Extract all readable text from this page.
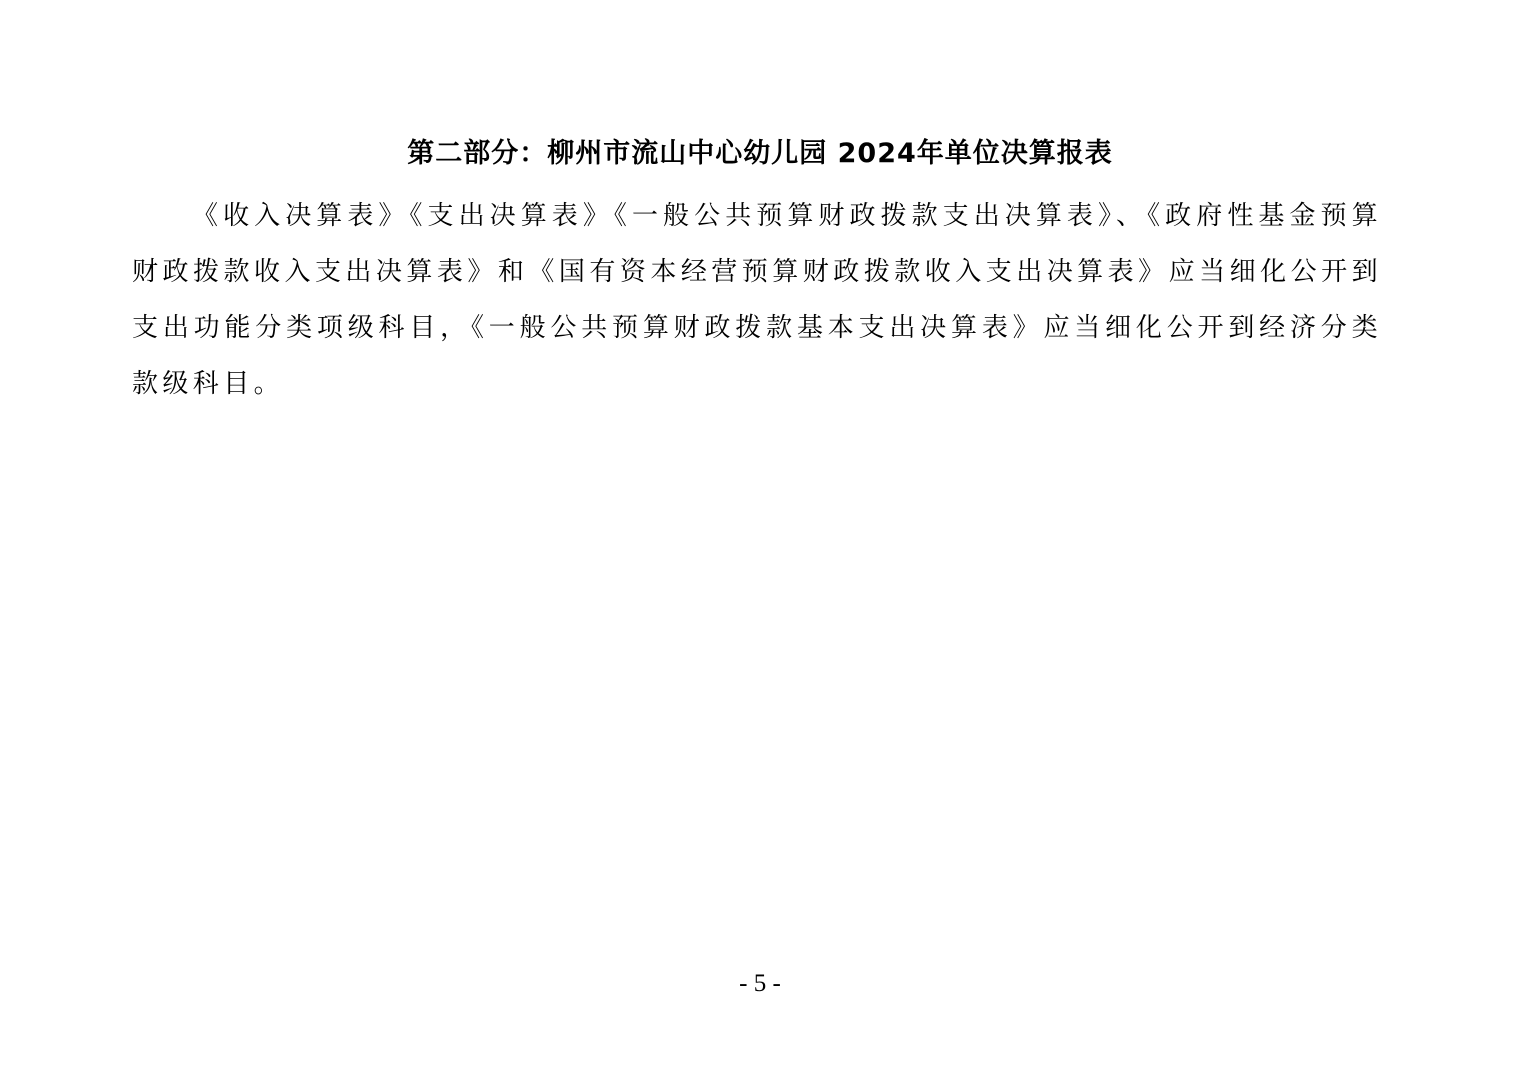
第二部分：柳州市流山中心幼儿园 2024年单位决算报表

《收入决算表》《支出决算表》《一般公共预算财政拨款支出决算表》、《政府性基金预算财政拨款收入支出决算表》和《国有资本经营预算财政拨款收入支出决算表》应当细化公开到支出功能分类项级科目，《一般公共预算财政拨款基本支出决算表》应当细化公开到经济分类款级科目。

- 5 -
